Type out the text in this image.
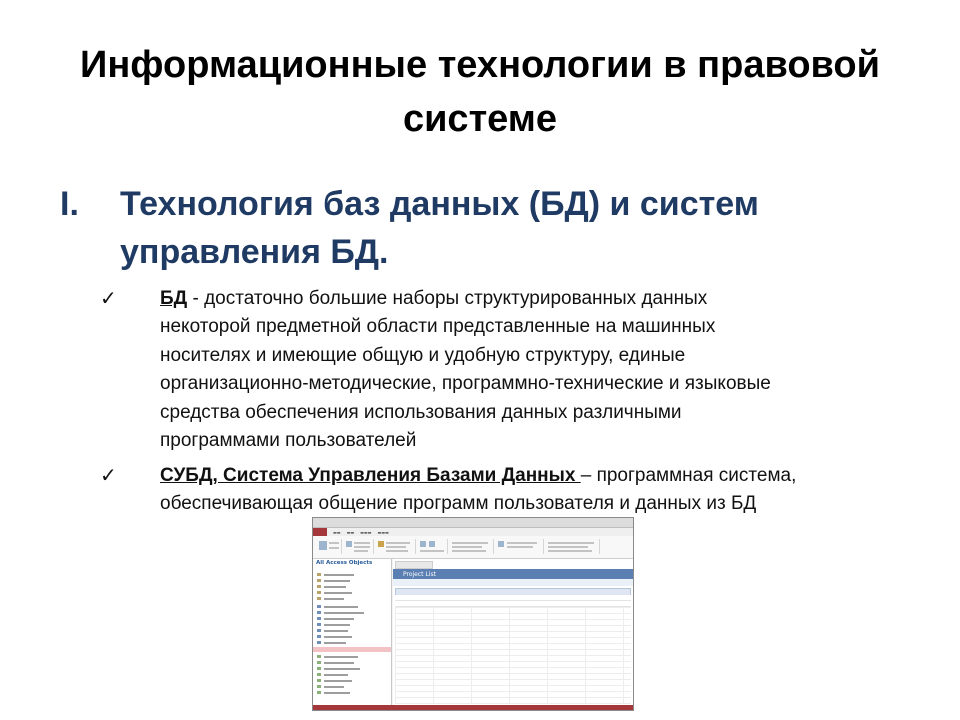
Информационные технологии в правовой
системе
I. Технология баз данных (БД) и систем
управления БД.
✓ БД - достаточно большие наборы структурированных данных
некоторой предметной области представленные на машинных
носителях и имеющие общую и удобную структуру, единые
организационно-методические, программно-технические и языковые
средства обеспечения использования данных различными
программами пользователей
✓ СУБД, Система Управления Базами Данных – программная система,
обеспечивающая общение программ пользователя и данных из БД
▬▬ ▬▬ ▬▬▬ ▬▬▬
All Access Objects
Project List
